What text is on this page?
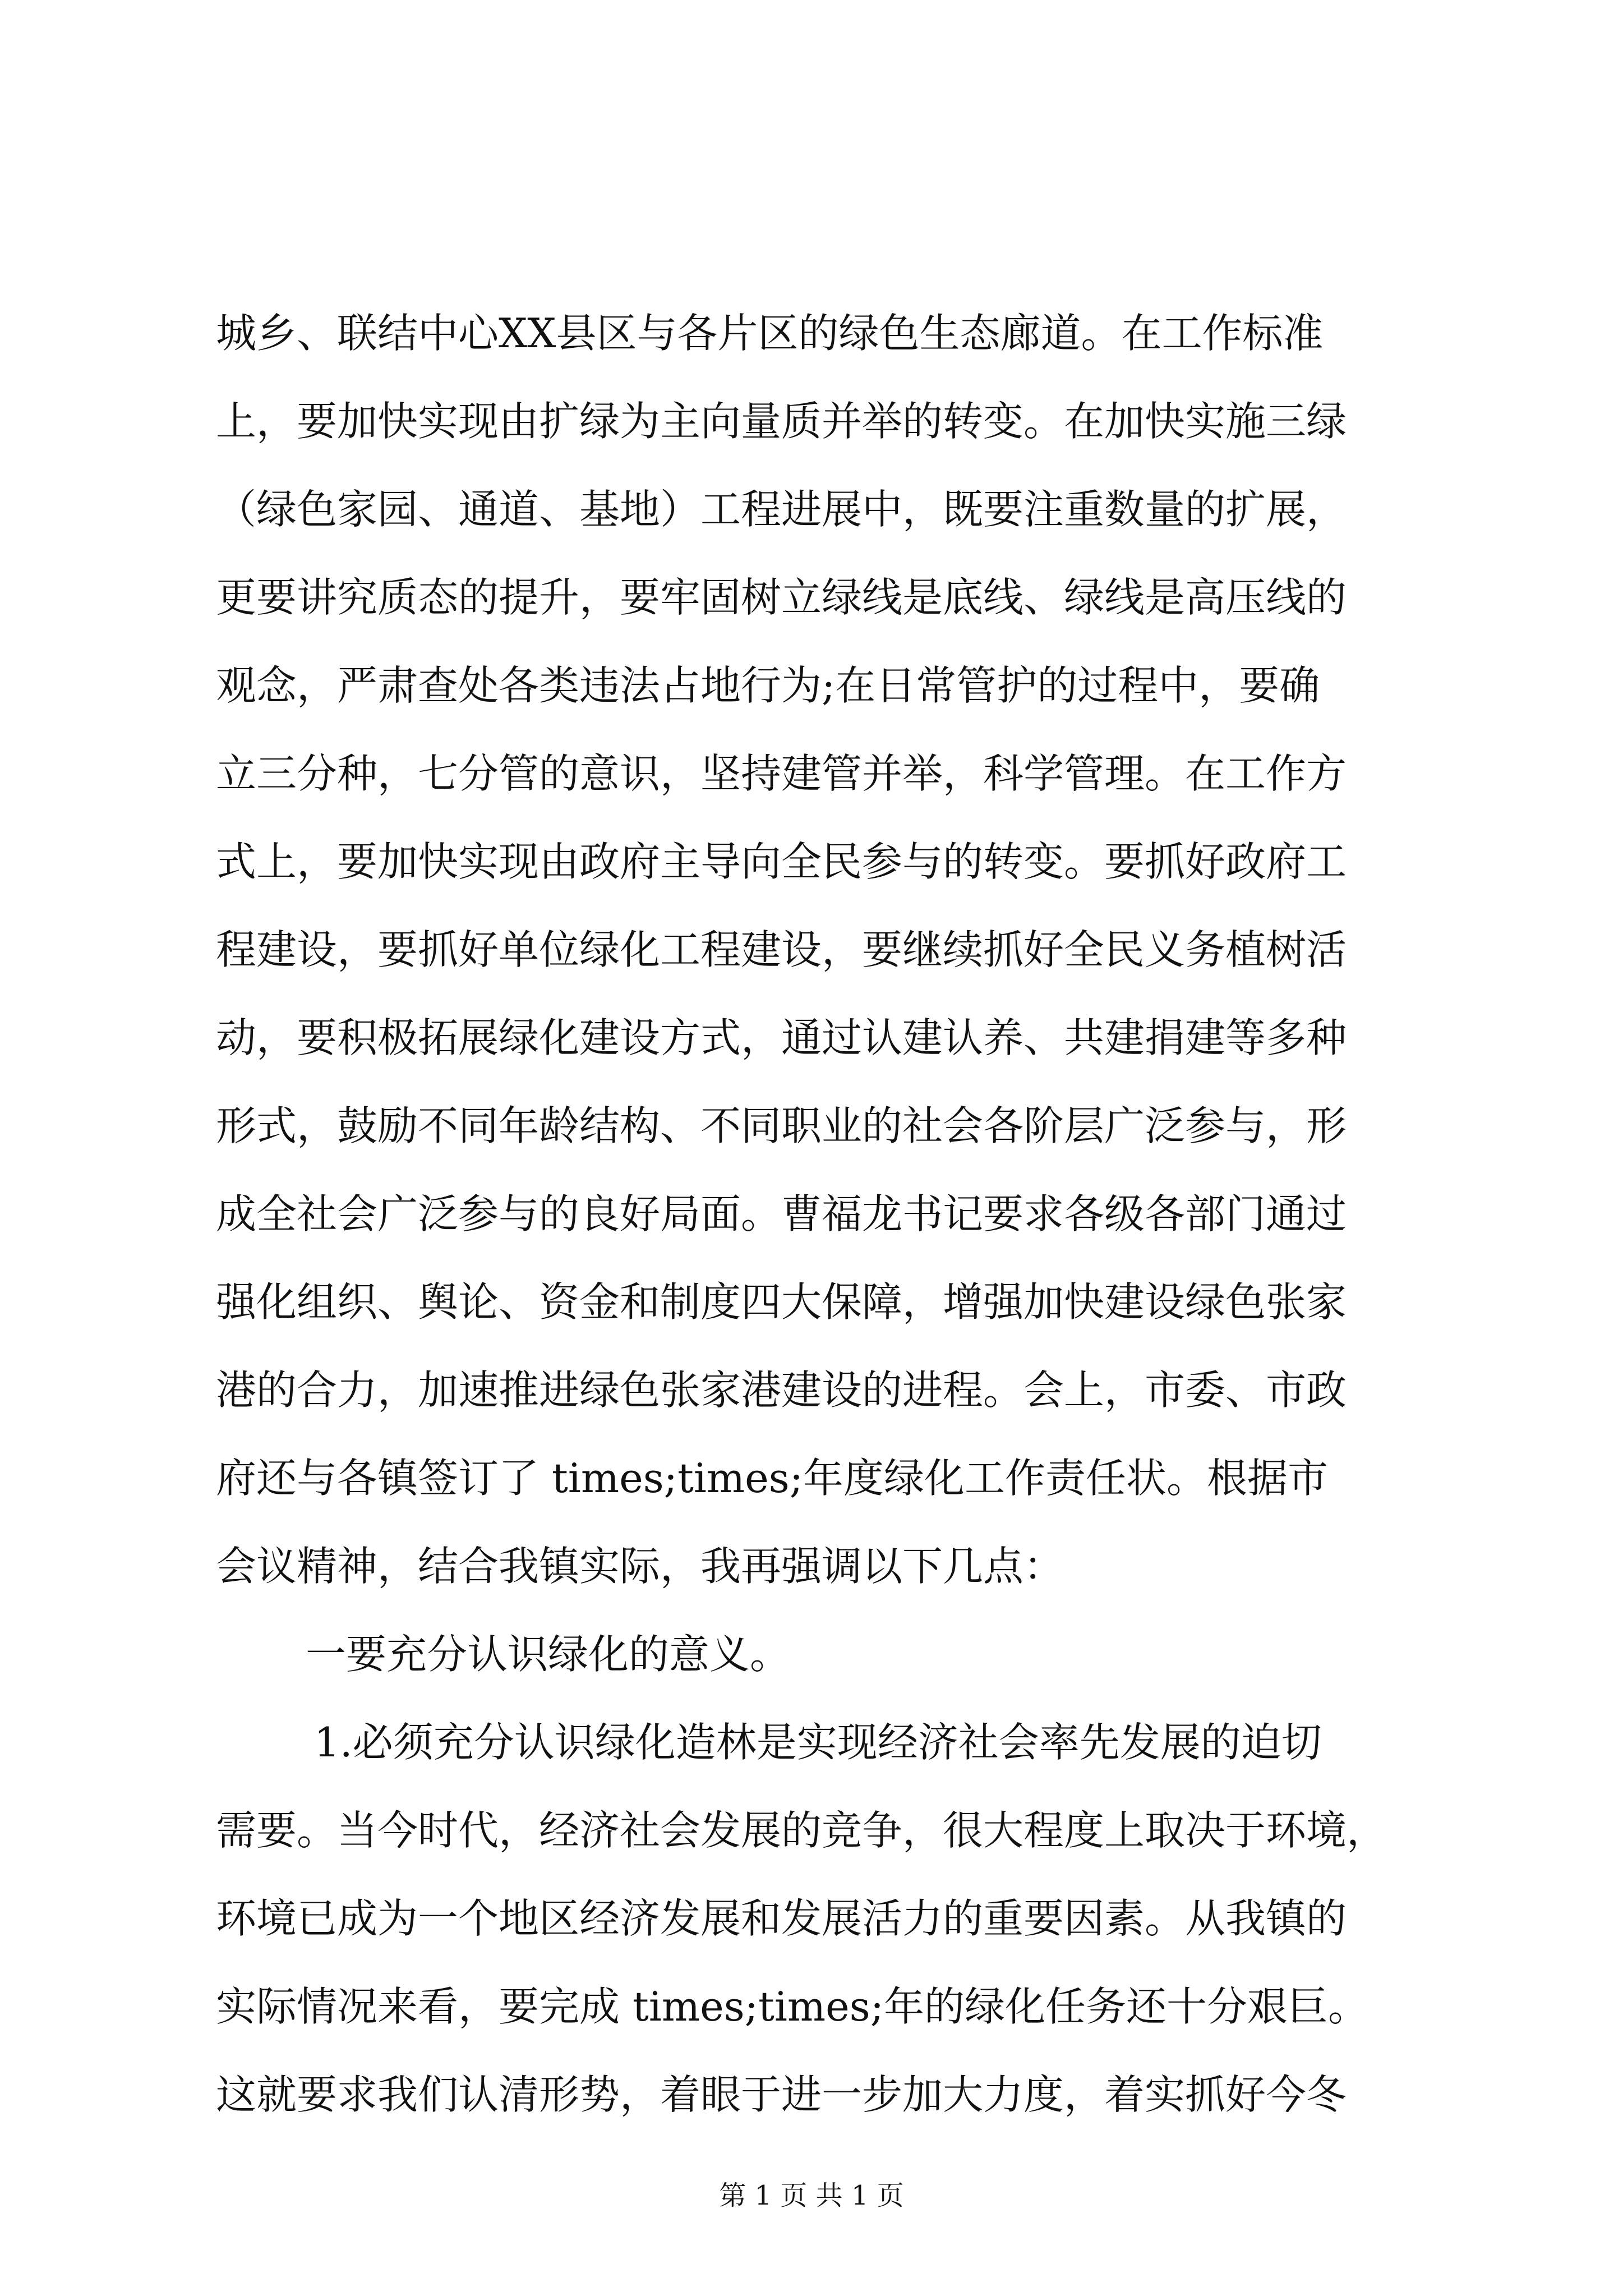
城乡、联结中心XX县区与各片区的绿色生态廊道。在工作标准
上，要加快实现由扩绿为主向量质并举的转变。在加快实施三绿
（绿色家园、通道、基地）工程进展中，既要注重数量的扩展，
更要讲究质态的提升，要牢固树立绿线是底线、绿线是高压线的
观念，严肃查处各类违法占地行为;在日常管护的过程中，要确
立三分种，七分管的意识，坚持建管并举，科学管理。在工作方
式上，要加快实现由政府主导向全民参与的转变。要抓好政府工
程建设，要抓好单位绿化工程建设，要继续抓好全民义务植树活
动，要积极拓展绿化建设方式，通过认建认养、共建捐建等多种
形式，鼓励不同年龄结构、不同职业的社会各阶层广泛参与，形
成全社会广泛参与的良好局面。曹福龙书记要求各级各部门通过
强化组织、舆论、资金和制度四大保障，增强加快建设绿色张家
港的合力，加速推进绿色张家港建设的进程。会上，市委、市政
府还与各镇签订了 times;times;年度绿化工作责任状。根据市
会议精神，结合我镇实际，我再强调以下几点：
一要充分认识绿化的意义。
1.必须充分认识绿化造林是实现经济社会率先发展的迫切
需要。当今时代，经济社会发展的竞争，很大程度上取决于环境，
环境已成为一个地区经济发展和发展活力的重要因素。从我镇的
实际情况来看，要完成 times;times;年的绿化任务还十分艰巨。
这就要求我们认清形势，着眼于进一步加大力度，着实抓好今冬
第 1 页 共 1 页
